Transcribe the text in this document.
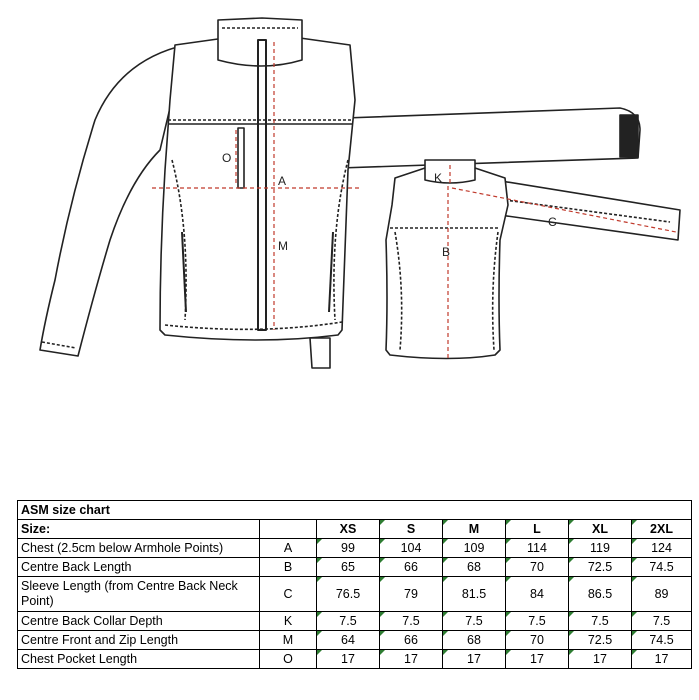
A
M
O
K
B
C
ASM size chart							
Size:		XS	S	M	L	XL	2XL
Chest (2.5cm below Armhole Points)	A	99	104	109	114	119	124
Centre Back Length	B	65	66	68	70	72.5	74.5
Sleeve Length (from Centre Back Neck Point)	C	76.5	79	81.5	84	86.5	89
Centre Back Collar Depth	K	7.5	7.5	7.5	7.5	7.5	7.5
Centre Front and Zip Length	M	64	66	68	70	72.5	74.5
Chest Pocket Length	O	17	17	17	17	17	17
